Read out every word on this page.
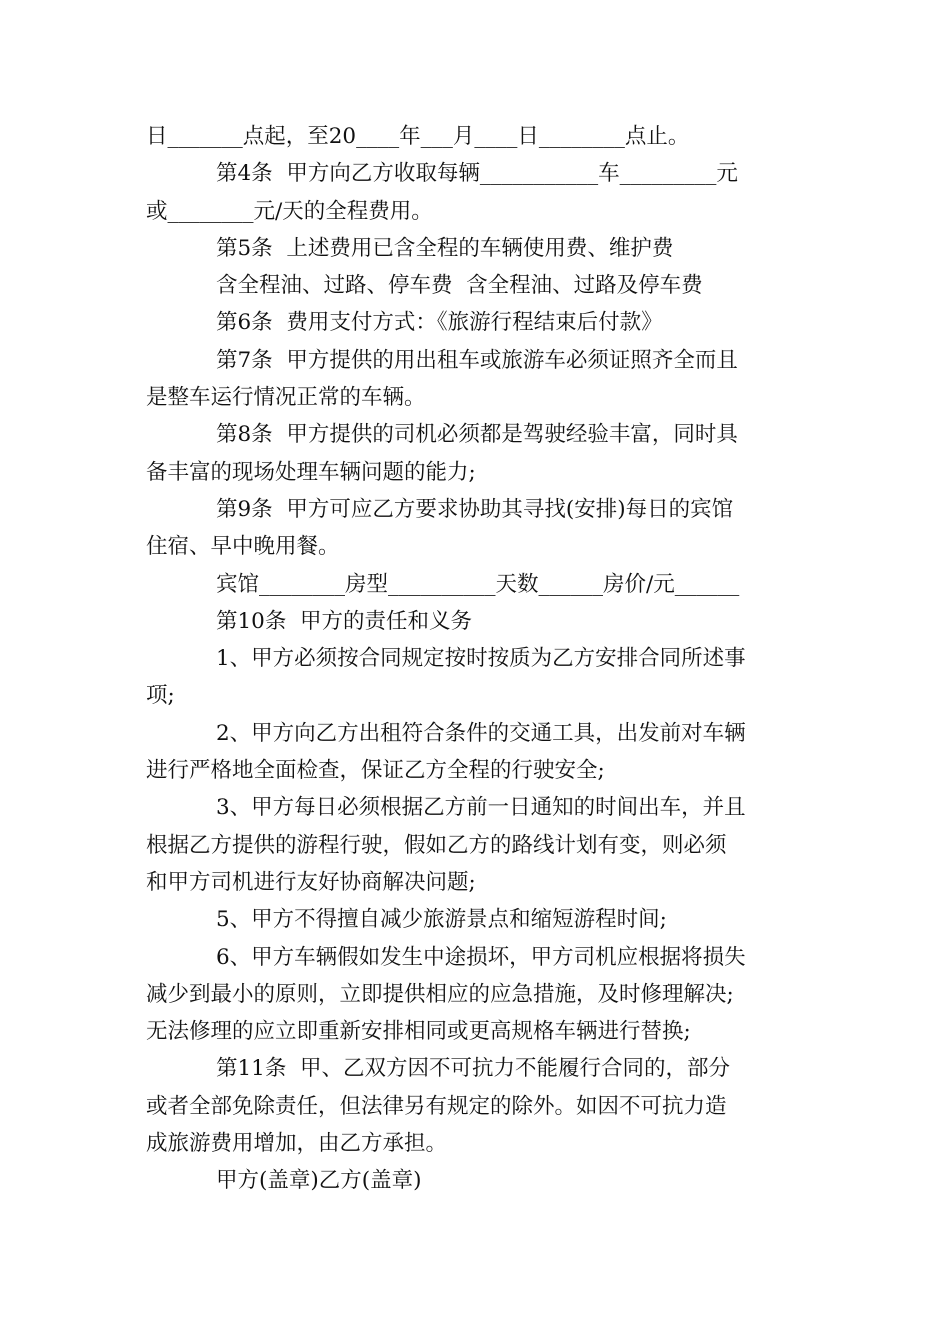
日_______点起，至20____年___月____日________点止。
第4条  甲方向乙方收取每辆___________车_________元
或________元/天的全程费用。
第5条  上述费用已含全程的车辆使用费、维护费
含全程油、过路、停车费  含全程油、过路及停车费
第6条  费用支付方式：《旅游行程结束后付款》
第7条  甲方提供的用出租车或旅游车必须证照齐全而且
是整车运行情况正常的车辆。
第8条  甲方提供的司机必须都是驾驶经验丰富，同时具
备丰富的现场处理车辆问题的能力;
第9条  甲方可应乙方要求协助其寻找(安排)每日的宾馆
住宿、早中晚用餐。
宾馆________房型__________天数______房价/元______
第10条  甲方的责任和义务
1、甲方必须按合同规定按时按质为乙方安排合同所述事
项;
2、甲方向乙方出租符合条件的交通工具，出发前对车辆
进行严格地全面检查，保证乙方全程的行驶安全;
3、甲方每日必须根据乙方前一日通知的时间出车，并且
根据乙方提供的游程行驶，假如乙方的路线计划有变，则必须
和甲方司机进行友好协商解决问题;
5、甲方不得擅自减少旅游景点和缩短游程时间;
6、甲方车辆假如发生中途损坏，甲方司机应根据将损失
减少到最小的原则，立即提供相应的应急措施，及时修理解决;
无法修理的应立即重新安排相同或更高规格车辆进行替换;
第11条  甲、乙双方因不可抗力不能履行合同的，部分
或者全部免除责任，但法律另有规定的除外。如因不可抗力造
成旅游费用增加，由乙方承担。
甲方(盖章)乙方(盖章)
